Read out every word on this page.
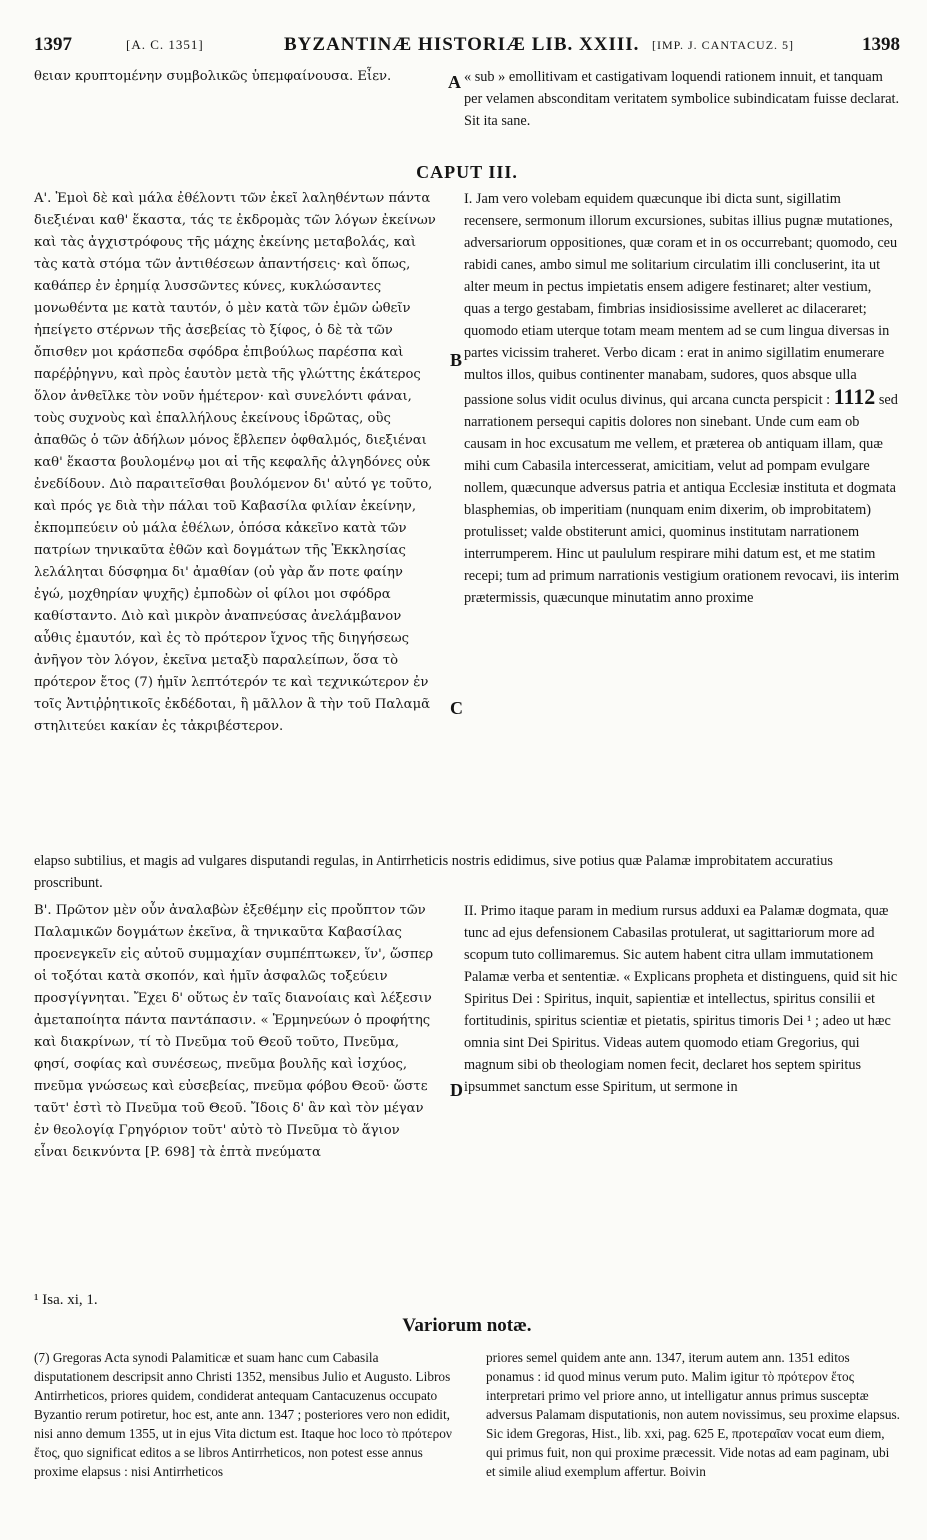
1397	[A. C. 1351]	BYZANTINÆ HISTORIÆ LIB. XXIII. [IMP. J. CANTACUZ. 5]	1398

θειαν κρυπτομένην συμβολικῶς ὑπεμφαίνουσα. Εἶεν.	A « sub » emollitivam et castigativam loquendi rationem innuit, et tanquam per velamen absconditam veritatem symbolice subindicatam fuisse declarat. Sit ita sane.

CAPUT III.

Α'. Ἐμοὶ δὲ καὶ μάλα ἐθέλοντι τῶν ἐκεῖ λαληθέντων πάντα διεξιέναι καθ' ἕκαστα, τάς τε ἐκδρομὰς τῶν λόγων ἐκείνων καὶ τὰς ἀγχιστρόφους τῆς μάχης ἐκείνης μεταβολάς, καὶ τὰς κατὰ στόμα τῶν ἀντιθέσεων ἀπαντήσεις· καὶ ὅπως, καθάπερ ἐν ἐρημίᾳ λυσσῶντες κύνες, κυκλώσαντες μονωθέντα με κατὰ ταυτόν, ὁ μὲν κατὰ τῶν ἐμῶν ὠθεῖν ἠπείγετο στέρνων τῆς ἀσεβείας τὸ ξίφος, ὁ δὲ τὰ τῶν ὄπισθεν μοι κράσπεδα σφόδρα ἐπιβούλως παρέσπα καὶ παρέῤῥηγνυ, καὶ πρὸς ἑαυτὸν μετὰ τῆς γλώττης ἑκάτερος ὅλον ἀνθεῖλκε τὸν νοῦν ἡμέτερον· καὶ συνελόντι φάναι, τοὺς συχνοὺς καὶ ἐπαλλήλους ἐκείνους ἱδρῶτας, οὓς ἀπαθῶς ὁ τῶν ἀδήλων μόνος ἔβλεπεν ὀφθαλμός, διεξιέναι καθ' ἕκαστα βουλομένῳ μοι αἱ τῆς κεφαλῆς ἀλγηδόνες οὐκ ἐνεδίδουν. Διὸ παραιτεῖσθαι βουλόμενον δι' αὐτό γε τοῦτο, καὶ πρός γε διὰ τὴν πάλαι τοῦ Καβασίλα φιλίαν ἐκείνην, ἐκπομπεύειν οὐ μάλα ἐθέλων, ὁπόσα κἀκεῖνο κατὰ τῶν πατρίων τηνικαῦτα ἐθῶν καὶ δογμάτων τῆς Ἐκκλησίας λελάληται δύσφημα δι' ἀμαθίαν (οὐ γὰρ ἄν ποτε φαίην ἐγώ, μοχθηρίαν ψυχῆς) ἐμποδὼν οἱ φίλοι μοι σφόδρα καθίσταντο. Διὸ καὶ μικρὸν ἀναπνεύσας ἀνελάμβανον αὖθις ἐμαυτόν, καὶ ἐς τὸ πρότερον ἴχνος τῆς διηγήσεως ἀνῆγον τὸν λόγον, ἐκεῖνα μεταξὺ παραλείπων, ὅσα τὸ πρότερον ἔτος (7) ἡμῖν λεπτότερόν τε καὶ τεχνικώτερον ἐν τοῖς Ἀντιῤῥητικοῖς ἐκδέδοται, ἢ μᾶλλον ἃ τὴν τοῦ Παλαμᾶ στηλιτεύει κακίαν ἐς τἀκριβέστερον.

B
C

I. Jam vero volebam equidem quæcunque ibi dicta sunt, sigillatim recensere, sermonum illorum excursiones, subitas illius pugnæ mutationes, adversariorum oppositiones, quæ coram et in os occurrebant; quomodo, ceu rabidi canes, ambo simul me solitarium circulatim illi concluserint, ita ut alter meum in pectus impietatis ensem adigere festinaret; alter vestium, quas a tergo gestabam, fimbrias insidiosissime avelleret ac dilaceraret; quomodo etiam uterque totam meam mentem ad se cum lingua diversas in partes vicissim traheret. Verbo dicam : erat in animo sigillatim enumerare multos illos, quibus continenter manabam, sudores, quos absque ulla passione solus vidit oculus divinus, qui arcana cuncta perspicit : 1112 sed narrationem persequi capitis dolores non sinebant. Unde cum eam ob causam in hoc excusatum me vellem, et præterea ob antiquam illam, quæ mihi cum Cabasila intercesserat, amicitiam, velut ad pompam evulgare nollem, quæcunque adversus patria et antiqua Ecclesiæ instituta et dogmata blasphemias, ob imperitiam (nunquam enim dixerim, ob improbitatem) protulisset; valde obstiterunt amici, quominus institutam narrationem interrumperem. Hinc ut paululum respirare mihi datum est, et me statim recepi; tum ad primum narrationis vestigium orationem revocavi, iis interim prætermissis, quæcunque minutatim anno proxime

elapso subtilius, et magis ad vulgares disputandi regulas, in Antirrheticis nostris edidimus, sive potius quæ Palamæ improbitatem accuratius proscribunt.

Β'. Πρῶτον μὲν οὖν ἀναλαβὼν ἐξεθέμην εἰς προὔπτον τῶν Παλαμικῶν δογμάτων ἐκεῖνα, ἃ τηνικαῦτα Καβασίλας προενεγκεῖν εἰς αὐτοῦ συμμαχίαν συμπέπτωκεν, ἵν', ὥσπερ οἱ τοξόται κατὰ σκοπόν, καὶ ἡμῖν ἀσφαλῶς τοξεύειν προσγίγνηται. Ἔχει δ' οὕτως ἐν ταῖς διανοίαις καὶ λέξεσιν ἀμεταποίητα πάντα παντάπασιν. « Ἑρμηνεύων ὁ προφήτης καὶ διακρίνων, τί τὸ Πνεῦμα τοῦ Θεοῦ τοῦτο, Πνεῦμα, φησί, σοφίας καὶ συνέσεως, πνεῦμα βουλῆς καὶ ἰσχύος, πνεῦμα γνώσεως καὶ εὐσεβείας, πνεῦμα φόβου Θεοῦ· ὥστε ταῦτ' ἐστὶ τὸ Πνεῦμα τοῦ Θεοῦ. Ἴδοις δ' ἂν καὶ τὸν μέγαν ἐν θεολογίᾳ Γρηγόριον τοῦτ' αὐτὸ τὸ Πνεῦμα τὸ ἅγιον εἶναι δεικνύντα [P. 698] τὰ ἑπτὰ πνεύματα

D

II. Primo itaque param in medium rursus adduxi ea Palamæ dogmata, quæ tunc ad ejus defensionem Cabasilas protulerat, ut sagittariorum more ad scopum tuto collimaremus. Sic autem habent citra ullam immutationem Palamæ verba et sententiæ. « Explicans propheta et distinguens, quid sit hic Spiritus Dei : Spiritus, inquit, sapientiæ et intellectus, spiritus consilii et fortitudinis, spiritus scientiæ et pietatis, spiritus timoris Dei ¹ ; adeo ut hæc omnia sint Dei Spiritus. Videas autem quomodo etiam Gregorius, qui magnum sibi ob theologiam nomen fecit, declaret hos septem spiritus ipsummet sanctum esse Spiritum, ut sermone in

¹ Isa. xi, 1.
Variorum notæ.
(7) Gregoras Acta synodi Palamiticæ et suam hanc cum Cabasila disputationem descripsit anno Christi 1352, mensibus Julio et Augusto. Libros Antirrheticos, priores quidem, condiderat antequam Cantacuzenus occupato Byzantio rerum potiretur, hoc est, ante ann. 1347 ; posteriores vero non edidit, nisi anno demum 1355, ut in ejus Vita dictum est. Itaque hoc loco τὸ πρότερον ἔτος, quo significat editos a se libros Antirrheticos, non potest esse annus proxime elapsus : nisi Antirrheticos
priores semel quidem ante ann. 1347, iterum autem ann. 1351 editos ponamus : id quod minus verum puto. Malim igitur τὸ πρότερον ἔτος interpretari primo vel priore anno, ut intelligatur annus primus susceptæ adversus Palamam disputationis, non autem novissimus, seu proxime elapsus. Sic idem Gregoras, Hist., lib. xxi, pag. 625 E, προτεραῖαν vocat eum diem, qui primus fuit, non qui proxime præcessit. Vide notas ad eam paginam, ubi et simile aliud exemplum affertur. Boivin
